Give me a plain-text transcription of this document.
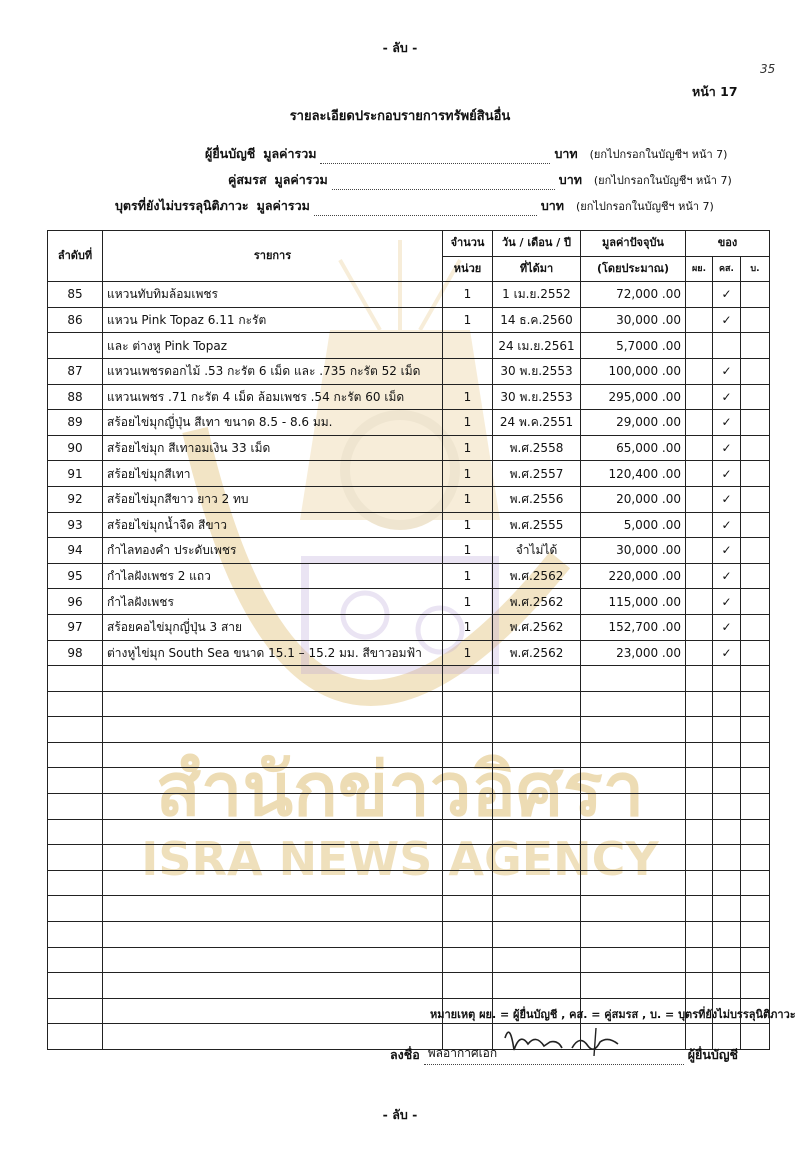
สำนักข่าวอิศรา
ISRA NEWS AGENCY
- ลับ -
35
หน้า 17
รายละเอียดประกอบรายการทรัพย์สินอื่น
ผู้ยื่นบัญชี มูลค่ารวม	บาท (ยกไปกรอกในบัญชีฯ หน้า 7)
คู่สมรส มูลค่ารวม	บาท (ยกไปกรอกในบัญชีฯ หน้า 7)
บุตรที่ยังไม่บรรลุนิติภาวะ มูลค่ารวม	บาท (ยกไปกรอกในบัญชีฯ หน้า 7)
ลำดับที่	รายการ	จำนวน	วัน / เดือน / ปี	มูลค่าปัจจุบัน	ของ		
		หน่วย	ที่ได้มา	(โดยประมาณ)	ผย.	คส.	บ.
85	แหวนทับทิมล้อมเพชร	1	1 เม.ย.2552	72,000 .00		✓	
86	แหวน Pink Topaz 6.11 กะรัต	1	14 ธ.ค.2560	30,000 .00		✓	
	และ ต่างหู Pink Topaz		24 เม.ย.2561	5,7000 .00			
87	แหวนเพชรดอกไม้ .53 กะรัต 6 เม็ด และ .735 กะรัต 52 เม็ด		30 พ.ย.2553	100,000 .00		✓	
88	แหวนเพชร .71 กะรัต 4 เม็ด ล้อมเพชร .54 กะรัต 60 เม็ด	1	30 พ.ย.2553	295,000 .00		✓	
89	สร้อยไข่มุกญี่ปุ่น สีเทา ขนาด 8.5 - 8.6 มม.	1	24 พ.ค.2551	29,000 .00		✓	
90	สร้อยไข่มุก สีเทาอมเงิน 33 เม็ด	1	พ.ศ.2558	65,000 .00		✓	
91	สร้อยไข่มุกสีเทา	1	พ.ศ.2557	120,400 .00		✓	
92	สร้อยไข่มุกสีขาว ยาว 2 ทบ	1	พ.ศ.2556	20,000 .00		✓	
93	สร้อยไข่มุกน้ำจืด สีขาว	1	พ.ศ.2555	5,000 .00		✓	
94	กำไลทองคำ ประดับเพชร	1	จำไม่ได้	30,000 .00		✓	
95	กำไลฝังเพชร 2 แถว	1	พ.ศ.2562	220,000 .00		✓	
96	กำไลฝังเพชร	1	พ.ศ.2562	115,000 .00		✓	
97	สร้อยคอไข่มุกญี่ปุ่น 3 สาย	1	พ.ศ.2562	152,700 .00		✓	
98	ต่างหูไข่มุก South Sea ขนาด 15.1 – 15.2 มม. สีขาวอมฟ้า	1	พ.ศ.2562	23,000 .00		✓	

หมายเหตุ ผย. = ผู้ยื่นบัญชี , คส. = คู่สมรส , บ. = บุตรที่ยังไม่บรรลุนิติภาวะ
ลงชื่อ พลอากาศเอก	ผู้ยื่นบัญชี
- ลับ -
